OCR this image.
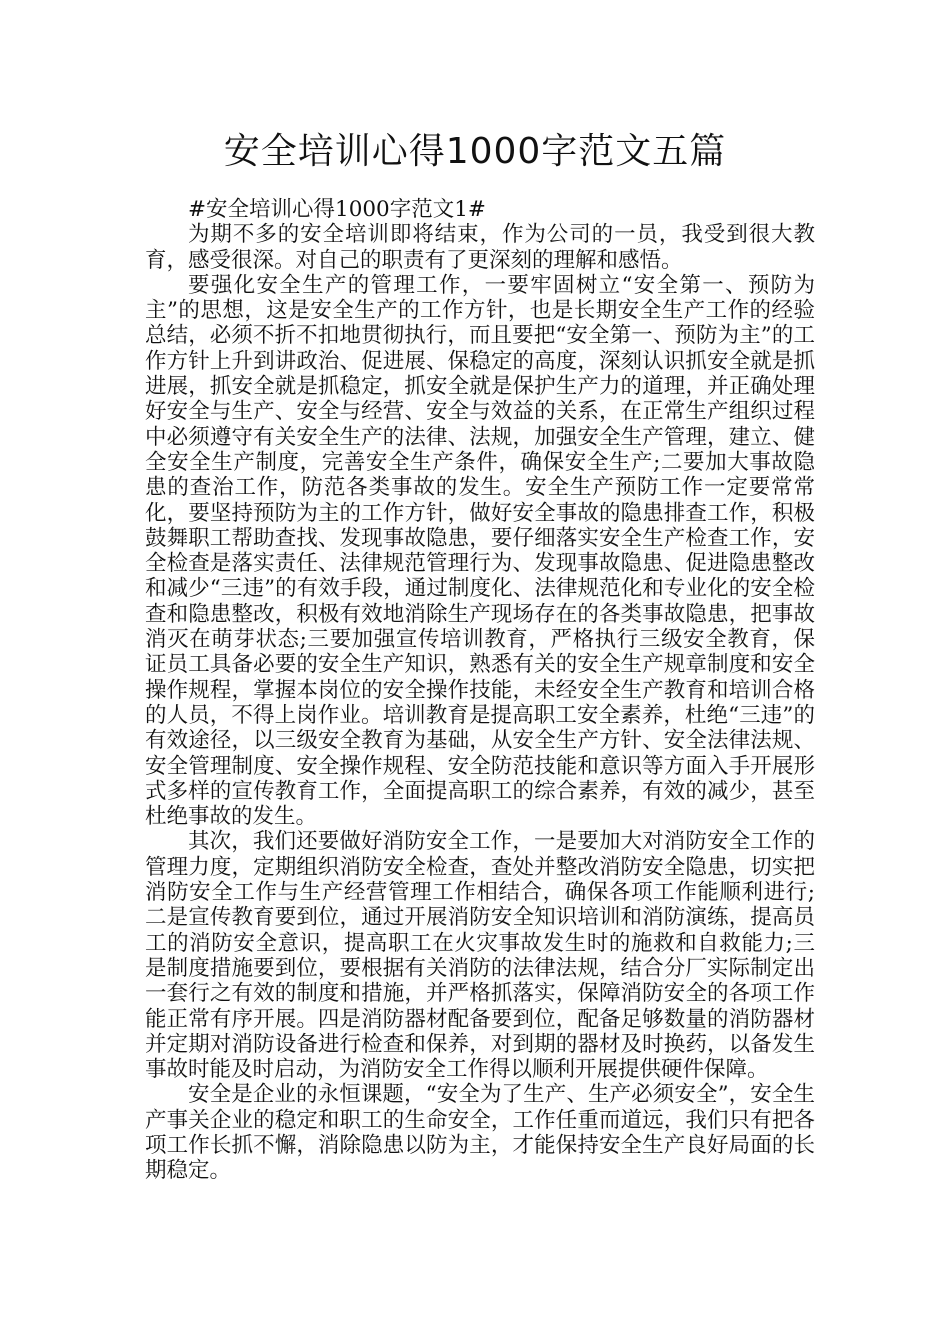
安全培训心得1000字范文五篇

#安全培训心得1000字范文1#

为期不多的安全培训即将结束，作为公司的一员，我受到很大教育，感受很深。对自己的职责有了更深刻的理解和感悟。

要强化安全生产的管理工作，一要牢固树立“安全第一、预防为主”的思想，这是安全生产的工作方针，也是长期安全生产工作的经验总结，必须不折不扣地贯彻执行，而且要把“安全第一、预防为主”的工作方针上升到讲政治、促进展、保稳定的高度，深刻认识抓安全就是抓进展，抓安全就是抓稳定，抓安全就是保护生产力的道理，并正确处理好安全与生产、安全与经营、安全与效益的关系，在正常生产组织过程中必须遵守有关安全生产的法律、法规，加强安全生产管理，建立、健全安全生产制度，完善安全生产条件，确保安全生产;二要加大事故隐患的查治工作，防范各类事故的发生。安全生产预防工作一定要常常化，要坚持预防为主的工作方针，做好安全事故的隐患排查工作，积极鼓舞职工帮助查找、发现事故隐患，要仔细落实安全生产检查工作，安全检查是落实责任、法律规范管理行为、发现事故隐患、促进隐患整改和减少“三违”的有效手段，通过制度化、法律规范化和专业化的安全检查和隐患整改，积极有效地消除生产现场存在的各类事故隐患，把事故消灭在萌芽状态;三要加强宣传培训教育，严格执行三级安全教育，保证员工具备必要的安全生产知识，熟悉有关的安全生产规章制度和安全操作规程，掌握本岗位的安全操作技能，未经安全生产教育和培训合格的人员，不得上岗作业。培训教育是提高职工安全素养，杜绝“三违”的有效途径，以三级安全教育为基础，从安全生产方针、安全法律法规、安全管理制度、安全操作规程、安全防范技能和意识等方面入手开展形式多样的宣传教育工作，全面提高职工的综合素养，有效的减少，甚至杜绝事故的发生。

其次，我们还要做好消防安全工作，一是要加大对消防安全工作的管理力度，定期组织消防安全检查，查处并整改消防安全隐患，切实把消防安全工作与生产经营管理工作相结合，确保各项工作能顺利进行;二是宣传教育要到位，通过开展消防安全知识培训和消防演练，提高员工的消防安全意识，提高职工在火灾事故发生时的施救和自救能力;三是制度措施要到位，要根据有关消防的法律法规，结合分厂实际制定出一套行之有效的制度和措施，并严格抓落实，保障消防安全的各项工作能正常有序开展。四是消防器材配备要到位，配备足够数量的消防器材并定期对消防设备进行检查和保养，对到期的器材及时换药，以备发生事故时能及时启动，为消防安全工作得以顺利开展提供硬件保障。

安全是企业的永恒课题，“安全为了生产、生产必须安全”，安全生产事关企业的稳定和职工的生命安全，工作任重而道远，我们只有把各项工作长抓不懈，消除隐患以防为主，才能保持安全生产良好局面的长期稳定。
